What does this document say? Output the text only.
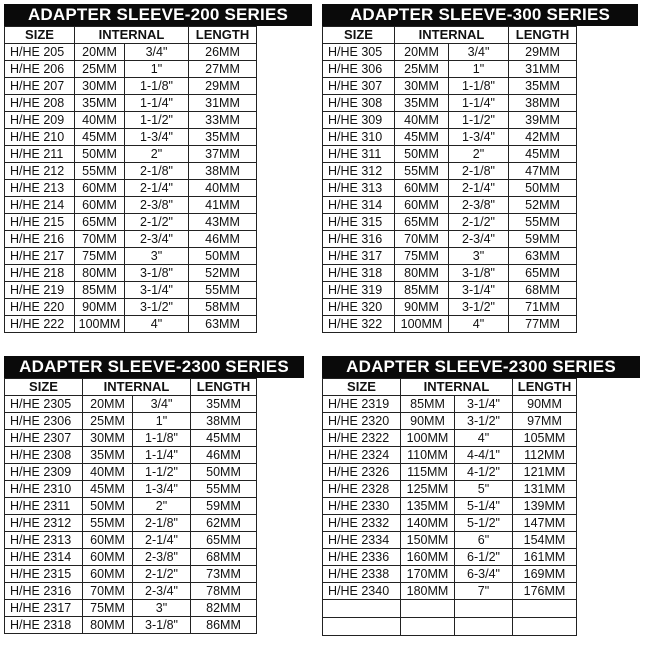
ADAPTER SLEEVE-200 SERIES
SIZE	INTERNAL		LENGTH
H/HE 205	20MM	3/4"	26MM
H/HE 206	25MM	1"	27MM
H/HE 207	30MM	1-1/8"	29MM
H/HE 208	35MM	1-1/4"	31MM
H/HE 209	40MM	1-1/2"	33MM
H/HE 210	45MM	1-3/4"	35MM
H/HE 211	50MM	2"	37MM
H/HE 212	55MM	2-1/8"	38MM
H/HE 213	60MM	2-1/4"	40MM
H/HE 214	60MM	2-3/8"	41MM
H/HE 215	65MM	2-1/2"	43MM
H/HE 216	70MM	2-3/4"	46MM
H/HE 217	75MM	3"	50MM
H/HE 218	80MM	3-1/8"	52MM
H/HE 219	85MM	3-1/4"	55MM
H/HE 220	90MM	3-1/2"	58MM
H/HE 222	100MM	4"	63MM
ADAPTER SLEEVE-300 SERIES
SIZE	INTERNAL		LENGTH
H/HE 305	20MM	3/4"	29MM
H/HE 306	25MM	1"	31MM
H/HE 307	30MM	1-1/8"	35MM
H/HE 308	35MM	1-1/4"	38MM
H/HE 309	40MM	1-1/2"	39MM
H/HE 310	45MM	1-3/4"	42MM
H/HE 311	50MM	2"	45MM
H/HE 312	55MM	2-1/8"	47MM
H/HE 313	60MM	2-1/4"	50MM
H/HE 314	60MM	2-3/8"	52MM
H/HE 315	65MM	2-1/2"	55MM
H/HE 316	70MM	2-3/4"	59MM
H/HE 317	75MM	3"	63MM
H/HE 318	80MM	3-1/8"	65MM
H/HE 319	85MM	3-1/4"	68MM
H/HE 320	90MM	3-1/2"	71MM
H/HE 322	100MM	4"	77MM
ADAPTER SLEEVE-2300 SERIES
SIZE	INTERNAL		LENGTH
H/HE 2305	20MM	3/4"	35MM
H/HE 2306	25MM	1"	38MM
H/HE 2307	30MM	1-1/8"	45MM
H/HE 2308	35MM	1-1/4"	46MM
H/HE 2309	40MM	1-1/2"	50MM
H/HE 2310	45MM	1-3/4"	55MM
H/HE 2311	50MM	2"	59MM
H/HE 2312	55MM	2-1/8"	62MM
H/HE 2313	60MM	2-1/4"	65MM
H/HE 2314	60MM	2-3/8"	68MM
H/HE 2315	60MM	2-1/2"	73MM
H/HE 2316	70MM	2-3/4"	78MM
H/HE 2317	75MM	3"	82MM
H/HE 2318	80MM	3-1/8"	86MM
ADAPTER SLEEVE-2300 SERIES
SIZE	INTERNAL		LENGTH
H/HE 2319	85MM	3-1/4"	90MM
H/HE 2320	90MM	3-1/2"	97MM
H/HE 2322	100MM	4"	105MM
H/HE 2324	110MM	4-4/1"	112MM
H/HE 2326	115MM	4-1/2"	121MM
H/HE 2328	125MM	5"	131MM
H/HE 2330	135MM	5-1/4"	139MM
H/HE 2332	140MM	5-1/2"	147MM
H/HE 2334	150MM	6"	154MM
H/HE 2336	160MM	6-1/2"	161MM
H/HE 2338	170MM	6-3/4"	169MM
H/HE 2340	180MM	7"	176MM
